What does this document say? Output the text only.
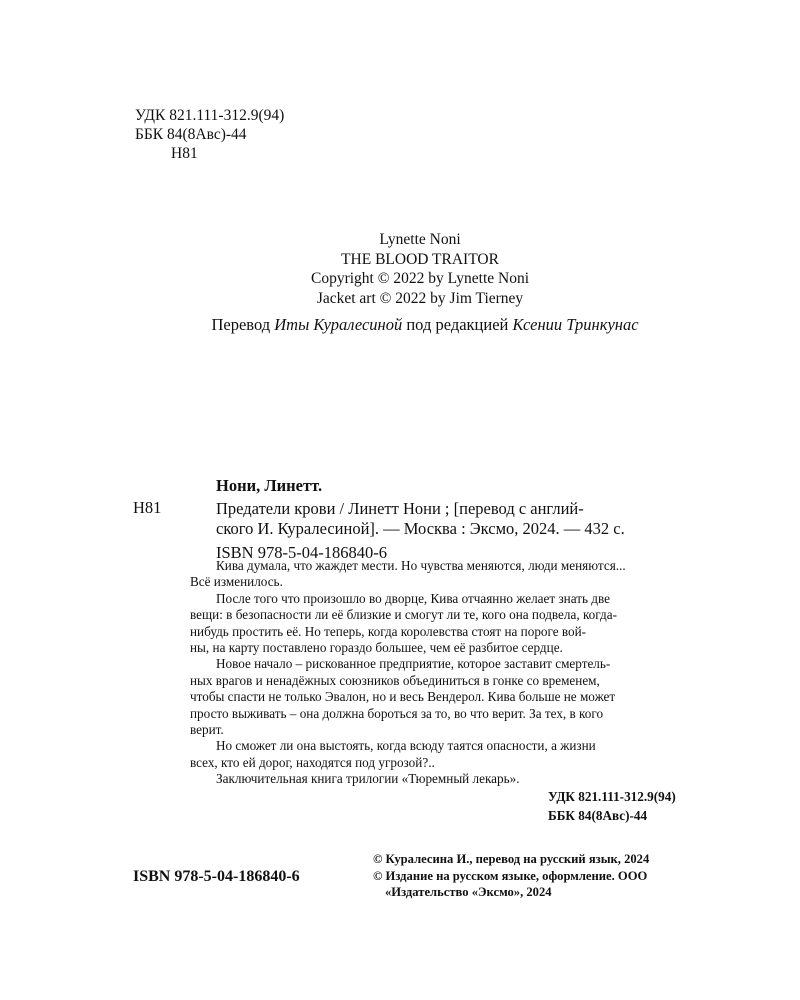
УДК 821.111-312.9(94)
ББК 84(8Авс)-44
Н81
Lynette Noni
THE BLOOD TRAITOR
Copyright © 2022 by Lynette Noni
Jacket art © 2022 by Jim Tierney
Перевод Иты Куралесиной под редакцией Ксении Тринкунас
Нони, Линетт.
Н81	Предатели крови / Линетт Нони ; [перевод с англий-
ского И. Куралесиной]. — Москва : Эксмо, 2024. — 432 с.
ISBN 978-5-04-186840-6
Кива думала, что жаждет мести. Но чувства меняются, люди меняются...
Всё изменилось.
После того что произошло во дворце, Кива отчаянно желает знать две
вещи: в безопасности ли её близкие и смогут ли те, кого она подвела, когда-
нибудь простить её. Но теперь, когда королевства стоят на пороге вой-
ны, на карту поставлено гораздо большее, чем её разбитое сердце.
Новое начало – рискованное предприятие, которое заставит смертель-
ных врагов и ненадёжных союзников объединиться в гонке со временем,
чтобы спасти не только Эвалон, но и весь Вендерол. Кива больше не может
просто выживать – она должна бороться за то, во что верит. За тех, в кого
верит.
Но сможет ли она выстоять, когда всюду таятся опасности, а жизни
всех, кто ей дорог, находятся под угрозой?..
Заключительная книга трилогии «Тюремный лекарь».
УДК 821.111-312.9(94)
ББК 84(8Авс)-44
© Куралесина И., перевод на русский язык, 2024
© Издание на русском языке, оформление. ООО
«Издательство «Эксмо», 2024
ISBN 978-5-04-186840-6
